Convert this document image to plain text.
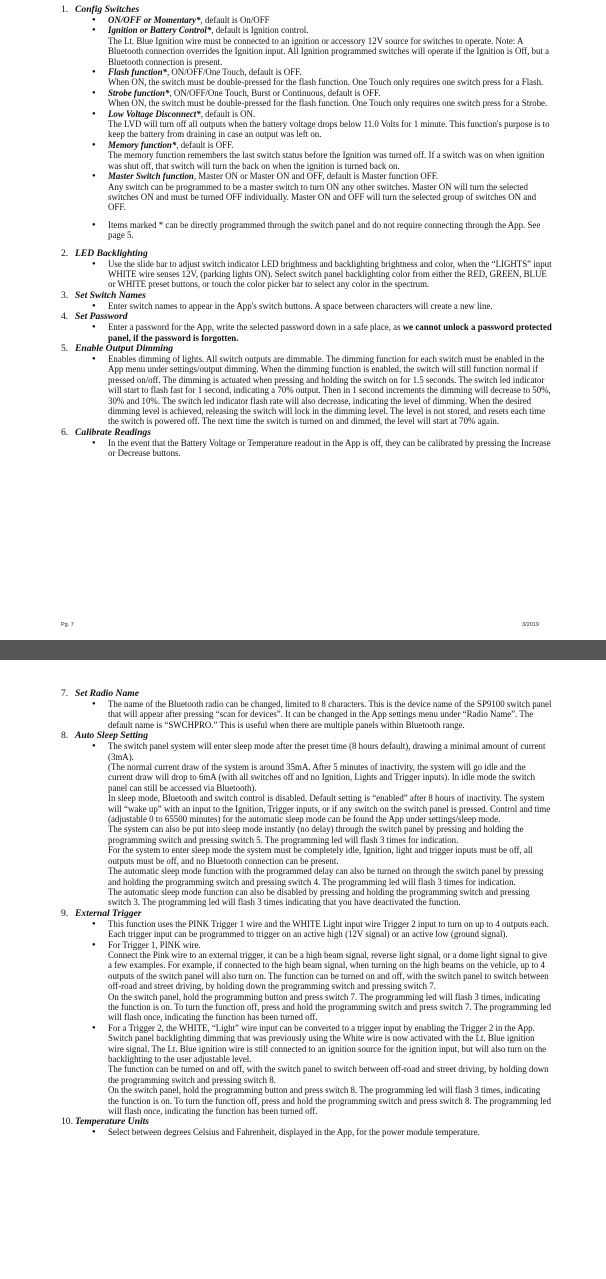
1. Config Switches
● ON/OFF or Momentary*, default is On/OFF
● Ignition or Battery Control*, default is Ignition control.
The Lt. Blue Ignition wire must be connected to an ignition or accessory 12V source for switches to operate. Note: A Bluetooth connection overrides the Ignition input. All Ignition programmed switches will operate if the Ignition is Off, but a Bluetooth connection is present.
● Flash function*, ON/OFF/One Touch, default is OFF.
When ON, the switch must be double-pressed for the flash function. One Touch only requires one switch press for a Flash.
● Strobe function*, ON/OFF/One Touch, Burst or Continuous, default is OFF.
When ON, the switch must be double-pressed for the flash function. One Touch only requires one switch press for a Strobe.
● Low Voltage Disconnect*, default is ON.
The LVD will turn off all outputs when the battery voltage drops below 11.0 Volts for 1 minute. This function's purpose is to keep the battery from draining in case an output was left on.
● Memory function*, default is OFF.
The memory function remembers the last switch status before the Ignition was turned off. If a switch was on when ignition was shut off, that switch will turn the back on when the ignition is turned back on.
● Master Switch function, Master ON or Master ON and OFF, default is Master function OFF.
Any switch can be programmed to be a master switch to turn ON any other switches. Master ON will turn the selected switches ON and must be turned OFF individually. Master ON and OFF will turn the selected group of switches ON and OFF.
● Items marked * can be directly programmed through the switch panel and do not require connecting through the App. See page 5.
2. LED Backlighting
● Use the slide bar to adjust switch indicator LED brightness and backlighting brightness and color, when the “LIGHTS” input WHITE wire senses 12V, (parking lights ON). Select switch panel backlighting color from either the RED, GREEN, BLUE or WHITE preset buttons, or touch the color picker bar to select any color in the spectrum.
3. Set Switch Names
● Enter switch names to appear in the App's switch buttons. A space between characters will create a new line.
4. Set Password
● Enter a password for the App, write the selected password down in a safe place, as we cannot unlock a password protected panel, if the password is forgotten.
5. Enable Output Dimming
● Enables dimming of lights. All switch outputs are dimmable. The dimming function for each switch must be enabled in the App menu under settings/output dimming. When the dimming function is enabled, the switch will still function normal if pressed on/off. The dimming is actuated when pressing and holding the switch on for 1.5 seconds. The switch led indicator will start to flash fast for 1 second, indicating a 70% output. Then in 1 second increments the dimming will decrease to 50%, 30% and 10%. The switch led indicator flash rate will also decrease, indicating the level of dimming. When the desired dimming level is achieved, releasing the switch will lock in the dimming level. The level is not stored, and resets each time the switch is powered off. The next time the switch is turned on and dimmed, the level will start at 70% again.
6. Calibrate Readings
● In the event that the Battery Voltage or Temperature readout in the App is off, they can be calibrated by pressing the Increase or Decrease buttons.
Pg. 7	3/2019
7. Set Radio Name
● The name of the Bluetooth radio can be changed, limited to 8 characters. This is the device name of the SP9100 switch panel that will appear after pressing “scan for devices”. It can be changed in the App settings menu under “Radio Name”. The default name is “SWCHPRO.” This is useful when there are multiple panels within Bluetooth range.
8. Auto Sleep Setting
● The switch panel system will enter sleep mode after the preset time (8 hours default), drawing a minimal amount of current (3mA).
(The normal current draw of the system is around 35mA. After 5 minutes of inactivity, the system will go idle and the current draw will drop to 6mA (with all switches off and no Ignition, Lights and Trigger inputs). In idle mode the switch panel can still be accessed via Bluetooth).
In sleep mode, Bluetooth and switch control is disabled. Default setting is “enabled” after 8 hours of inactivity. The system will “wake up” with an input to the Ignition, Trigger inputs, or if any switch on the switch panel is pressed. Control and time (adjustable 0 to 65500 minutes) for the automatic sleep mode can be found the App under settings/sleep mode.
The system can also be put into sleep mode instantly (no delay) through the switch panel by pressing and holding the programming switch and pressing switch 5. The programming led will flash 3 times for indication.
For the system to enter sleep mode the system must be completely idle, Ignition, light and trigger inputs must be off, all outputs must be off, and no Bluetooth connection can be present.
The automatic sleep mode function with the programmed delay can also be turned on through the switch panel by pressing and holding the programming switch and pressing switch 4. The programming led will flash 3 times for indication.
The automatic sleep mode function can also be disabled by pressing and holding the programming switch and pressing switch 3. The programming led will flash 3 times indicating that you have deactivated the function.
9. External Trigger
● This function uses the PINK Trigger 1 wire and the WHITE Light input wire Trigger 2 input to turn on up to 4 outputs each. Each trigger input can be programmed to trigger on an active high (12V signal) or an active low (ground signal).
● For Trigger 1, PINK wire.
Connect the Pink wire to an external trigger, it can be a high beam signal, reverse light signal, or a dome light signal to give a few examples. For example, if connected to the high beam signal, when turning on the high beams on the vehicle, up to 4 outputs of the switch panel will also turn on. The function can be turned on and off, with the switch panel to switch between off-road and street driving, by holding down the programming switch and pressing switch 7.
On the switch panel, hold the programming button and press switch 7. The programming led will flash 3 times, indicating the function is on. To turn the function off, press and hold the programming switch and press switch 7. The programming led will flash once, indicating the function has been turned off.
● For a Trigger 2, the WHITE, “Light” wire input can be converted to a trigger input by enabling the Trigger 2 in the App.
Switch panel backlighting dimming that was previously using the White wire is now activated with the Lt. Blue ignition wire signal. The Lt. Blue ignition wire is still connected to an ignition source for the ignition input, but will also turn on the backlighting to the user adjustable level.
The function can be turned on and off, with the switch panel to switch between off-road and street driving, by holding down the programming switch and pressing switch 8.
On the switch panel, hold the programming button and press switch 8. The programming led will flash 3 times, indicating the function is on. To turn the function off, press and hold the programming switch and press switch 8. The programming led will flash once, indicating the function has been turned off.
10. Temperature Units
● Select between degrees Celsius and Fahrenheit, displayed in the App, for the power module temperature.
